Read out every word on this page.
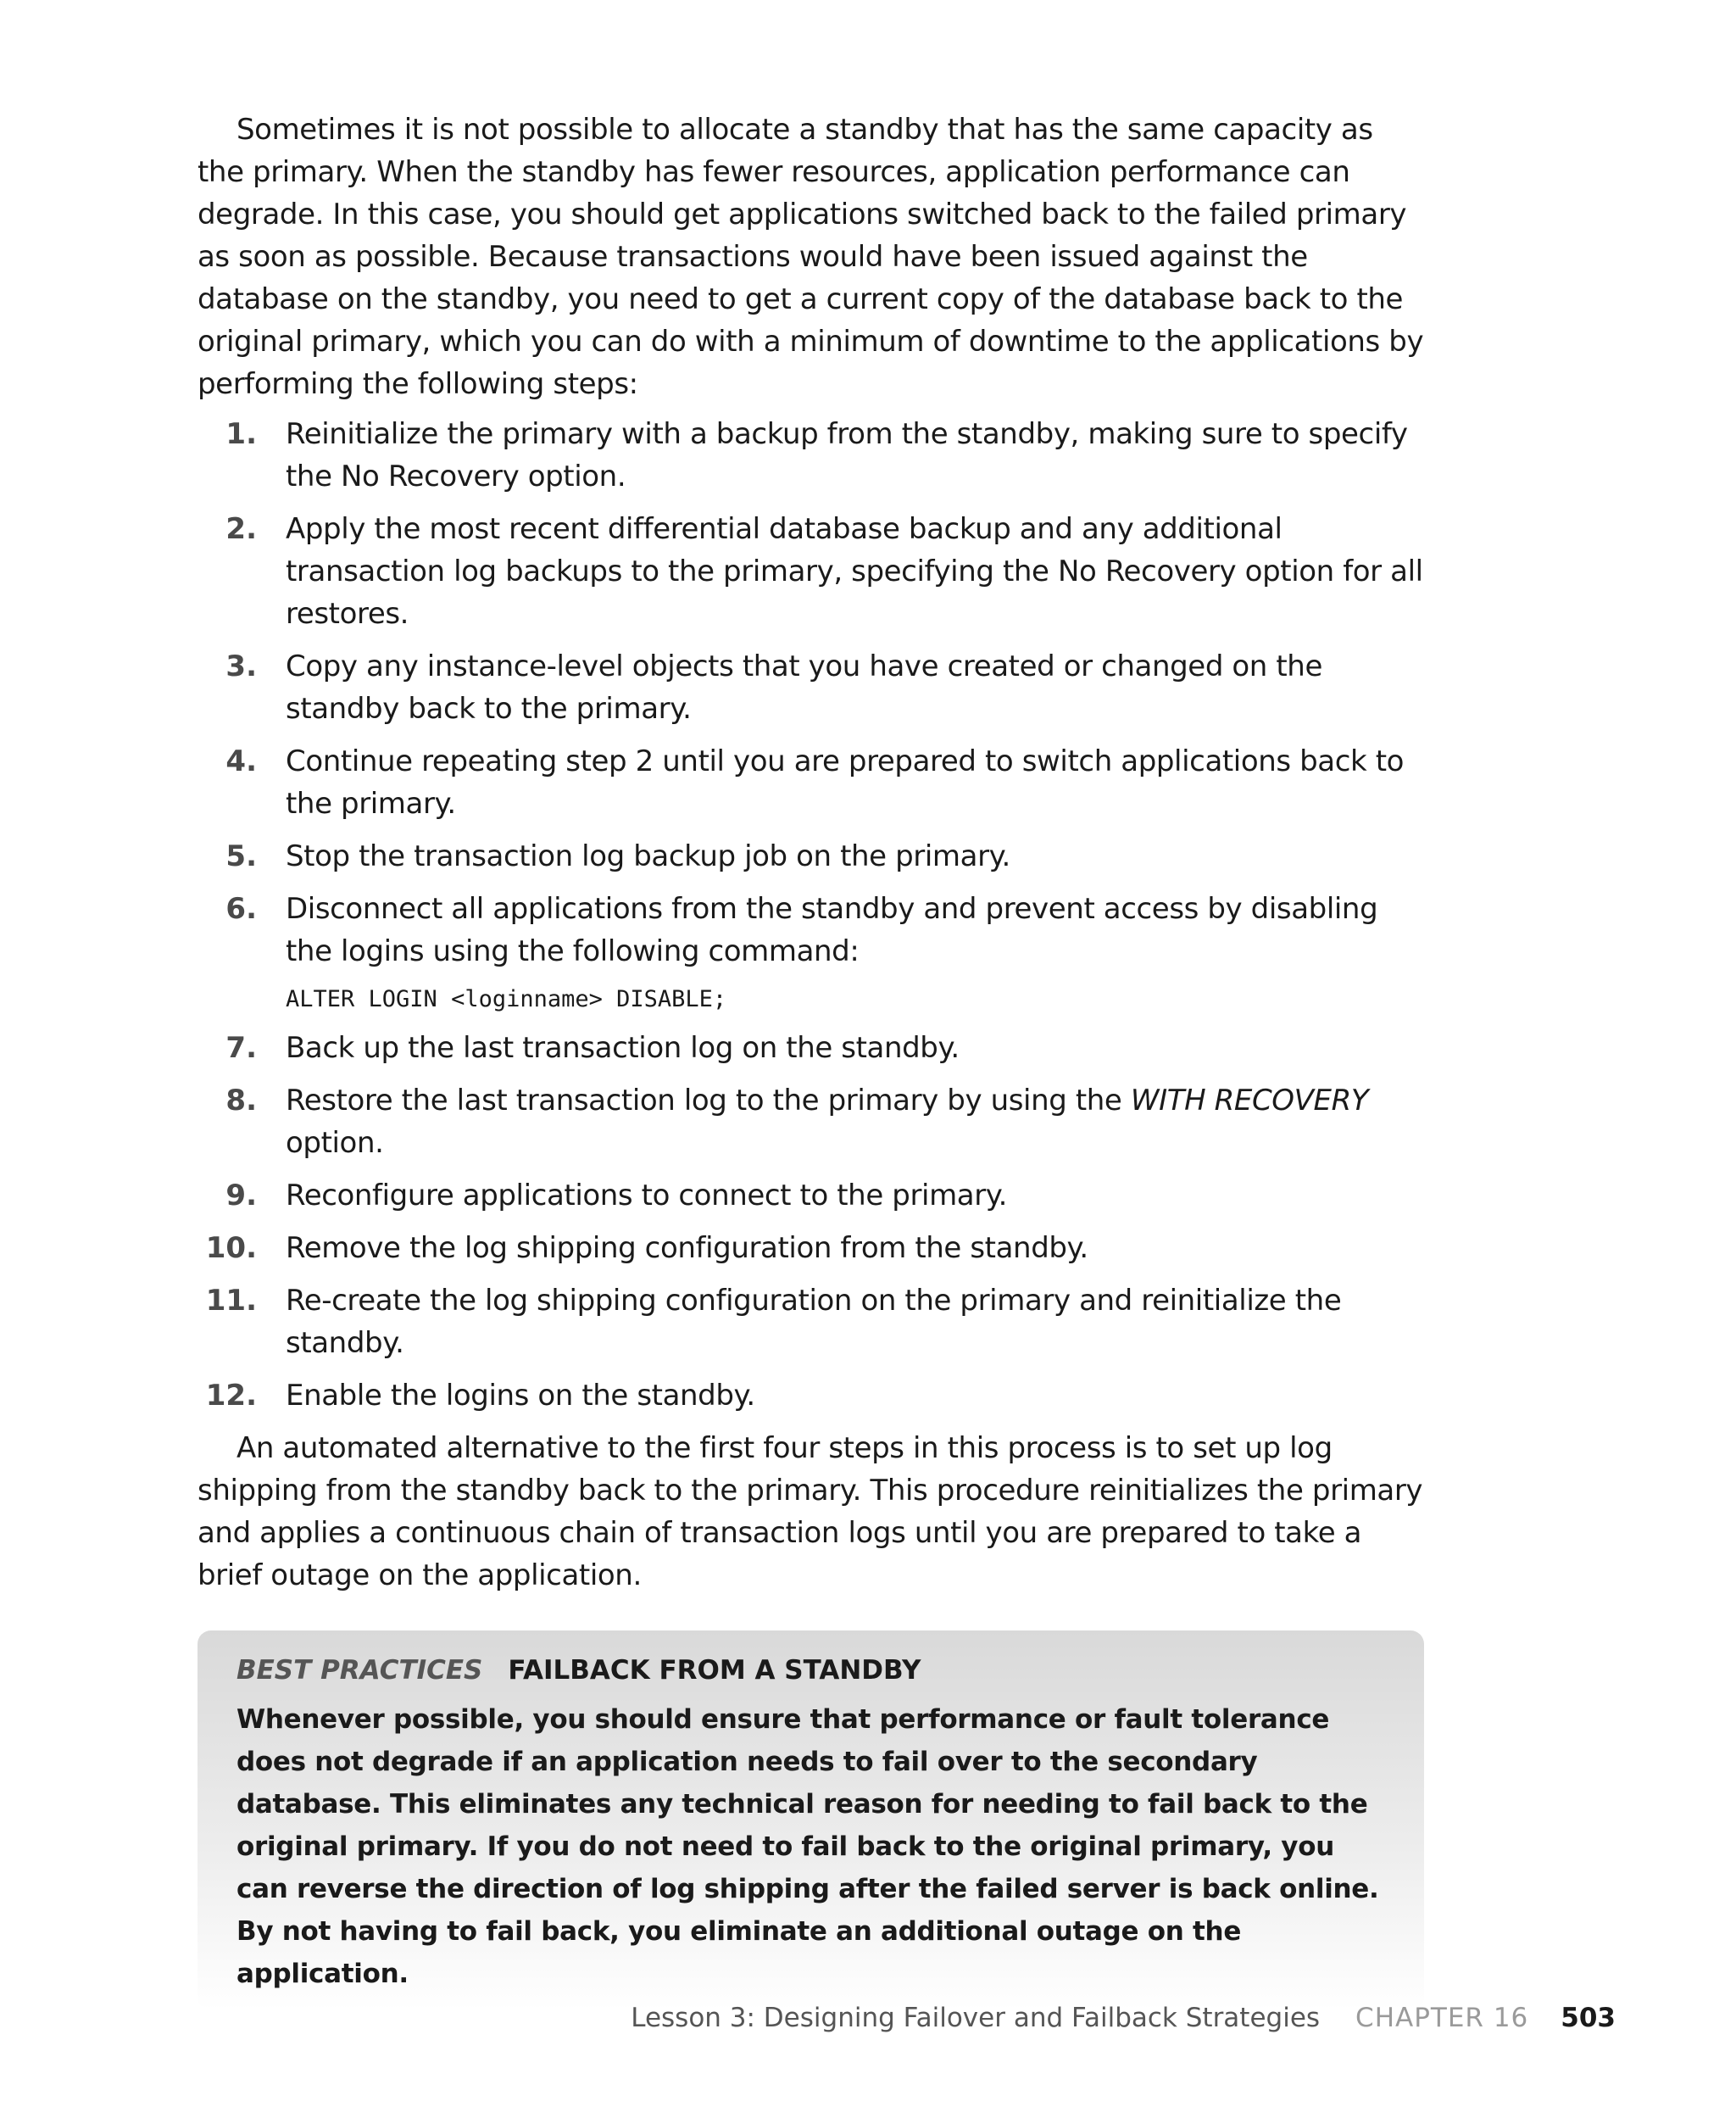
Sometimes it is not possible to allocate a standby that has the same capacity as the primary. When the standby has fewer resources, application performance can degrade. In this case, you should get applications switched back to the failed primary as soon as possible. Because transactions would have been issued against the database on the standby, you need to get a current copy of the database back to the original primary, which you can do with a minimum of downtime to the applications by performing the following steps:

1. Reinitialize the primary with a backup from the standby, making sure to specify the No Recovery option.
2. Apply the most recent differential database backup and any additional transaction log backups to the primary, specifying the No Recovery option for all restores.
3. Copy any instance-level objects that you have created or changed on the standby back to the primary.
4. Continue repeating step 2 until you are prepared to switch applications back to the primary.
5. Stop the transaction log backup job on the primary.
6. Disconnect all applications from the standby and prevent access by disabling the logins using the following command:
ALTER LOGIN <loginname> DISABLE;
7. Back up the last transaction log on the standby.
8. Restore the last transaction log to the primary by using the WITH RECOVERY option.
9. Reconfigure applications to connect to the primary.
10. Remove the log shipping configuration from the standby.
11. Re-create the log shipping configuration on the primary and reinitialize the standby.
12. Enable the logins on the standby.

An automated alternative to the first four steps in this process is to set up log shipping from the standby back to the primary. This procedure reinitializes the primary and applies a continuous chain of transaction logs until you are prepared to take a brief outage on the application.

BEST PRACTICES FAILBACK FROM A STANDBY
Whenever possible, you should ensure that performance or fault tolerance does not degrade if an application needs to fail over to the secondary database. This eliminates any technical reason for needing to fail back to the original primary. If you do not need to fail back to the original primary, you can reverse the direction of log shipping after the failed server is back online. By not having to fail back, you eliminate an additional outage on the application.
Lesson 3: Designing Failover and Failback Strategies CHAPTER 16 503
